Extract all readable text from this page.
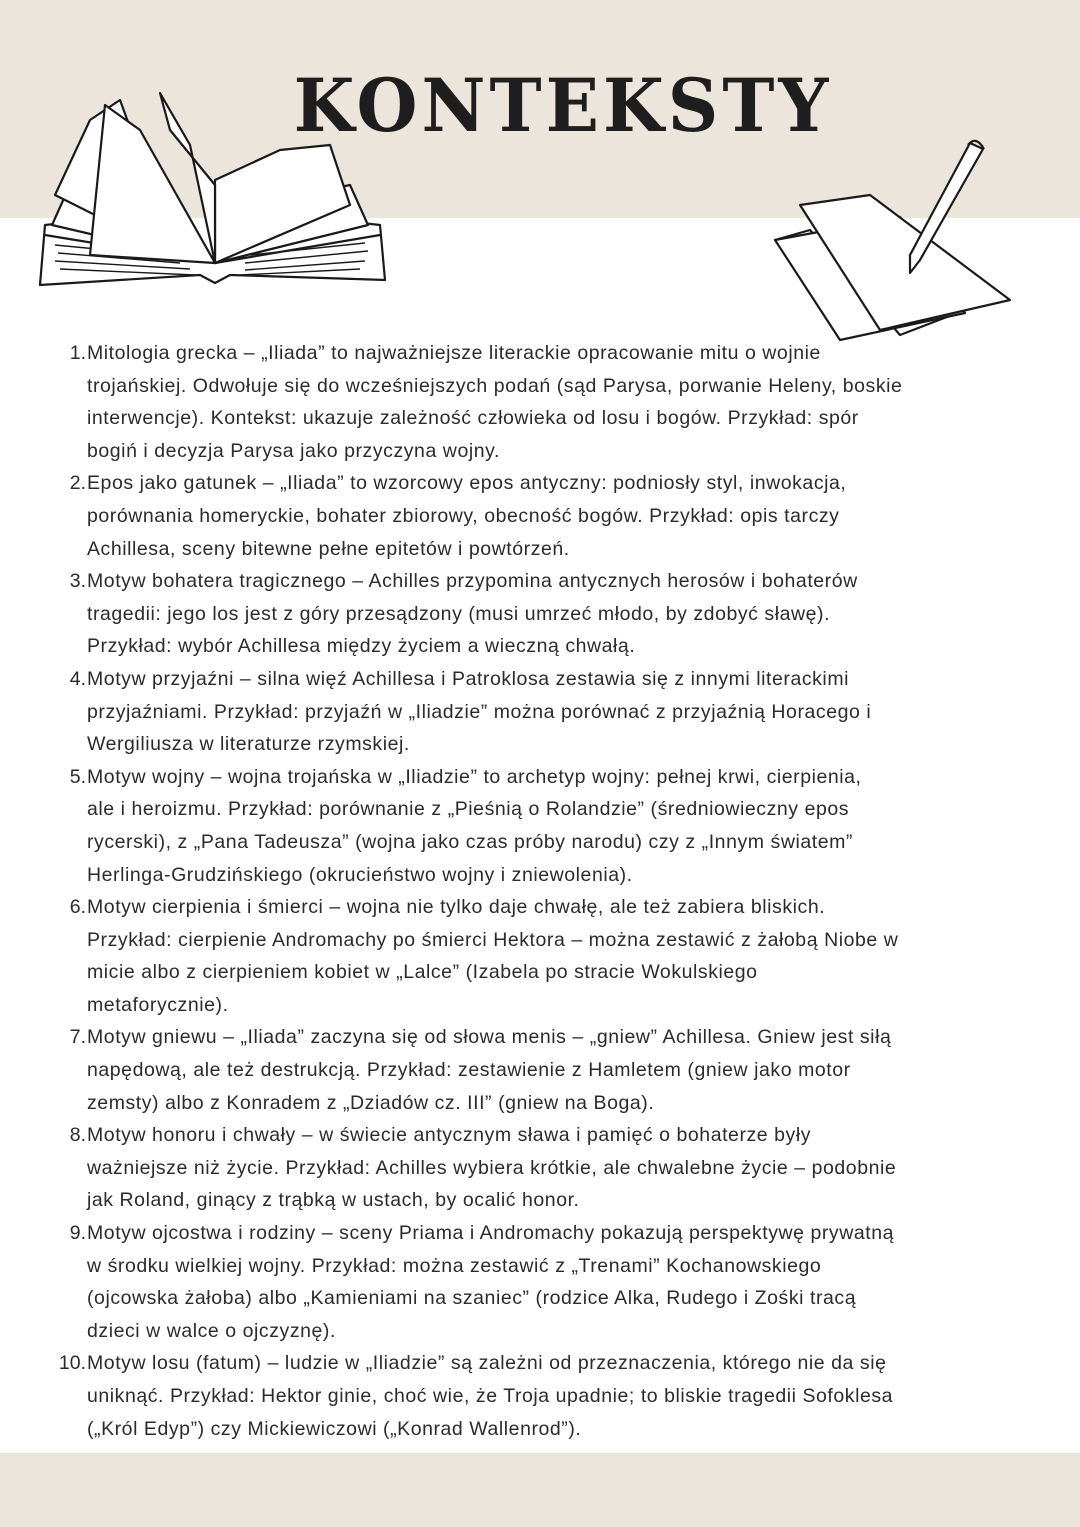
KONTEKSTY
1. Mitologia grecka – „Iliada” to najważniejsze literackie opracowanie mitu o wojnie
trojańskiej. Odwołuje się do wcześniejszych podań (sąd Parysa, porwanie Heleny, boskie
interwencje). Kontekst: ukazuje zależność człowieka od losu i bogów. Przykład: spór
bogiń i decyzja Parysa jako przyczyna wojny.
2. Epos jako gatunek – „Iliada” to wzorcowy epos antyczny: podniosły styl, inwokacja,
porównania homeryckie, bohater zbiorowy, obecność bogów. Przykład: opis tarczy
Achillesa, sceny bitewne pełne epitetów i powtórzeń.
3. Motyw bohatera tragicznego – Achilles przypomina antycznych herosów i bohaterów
tragedii: jego los jest z góry przesądzony (musi umrzeć młodo, by zdobyć sławę).
Przykład: wybór Achillesa między życiem a wieczną chwałą.
4. Motyw przyjaźni – silna więź Achillesa i Patroklosa zestawia się z innymi literackimi
przyjaźniami. Przykład: przyjaźń w „Iliadzie” można porównać z przyjaźnią Horacego i
Wergiliusza w literaturze rzymskiej.
5. Motyw wojny – wojna trojańska w „Iliadzie” to archetyp wojny: pełnej krwi, cierpienia,
ale i heroizmu. Przykład: porównanie z „Pieśnią o Rolandzie” (średniowieczny epos
rycerski), z „Pana Tadeusza” (wojna jako czas próby narodu) czy z „Innym światem”
Herlinga-Grudzińskiego (okrucieństwo wojny i zniewolenia).
6. Motyw cierpienia i śmierci – wojna nie tylko daje chwałę, ale też zabiera bliskich.
Przykład: cierpienie Andromachy po śmierci Hektora – można zestawić z żałobą Niobe w
micie albo z cierpieniem kobiet w „Lalce” (Izabela po stracie Wokulskiego
metaforycznie).
7. Motyw gniewu – „Iliada” zaczyna się od słowa menis – „gniew” Achillesa. Gniew jest siłą
napędową, ale też destrukcją. Przykład: zestawienie z Hamletem (gniew jako motor
zemsty) albo z Konradem z „Dziadów cz. III” (gniew na Boga).
8. Motyw honoru i chwały – w świecie antycznym sława i pamięć o bohaterze były
ważniejsze niż życie. Przykład: Achilles wybiera krótkie, ale chwalebne życie – podobnie
jak Roland, ginący z trąbką w ustach, by ocalić honor.
9. Motyw ojcostwa i rodziny – sceny Priama i Andromachy pokazują perspektywę prywatną
w środku wielkiej wojny. Przykład: można zestawić z „Trenami” Kochanowskiego
(ojcowska żałoba) albo „Kamieniami na szaniec” (rodzice Alka, Rudego i Zośki tracą
dzieci w walce o ojczyznę).
10. Motyw losu (fatum) – ludzie w „Iliadzie” są zależni od przeznaczenia, którego nie da się
uniknąć. Przykład: Hektor ginie, choć wie, że Troja upadnie; to bliskie tragedii Sofoklesa
(„Król Edyp”) czy Mickiewiczowi („Konrad Wallenrod”).
